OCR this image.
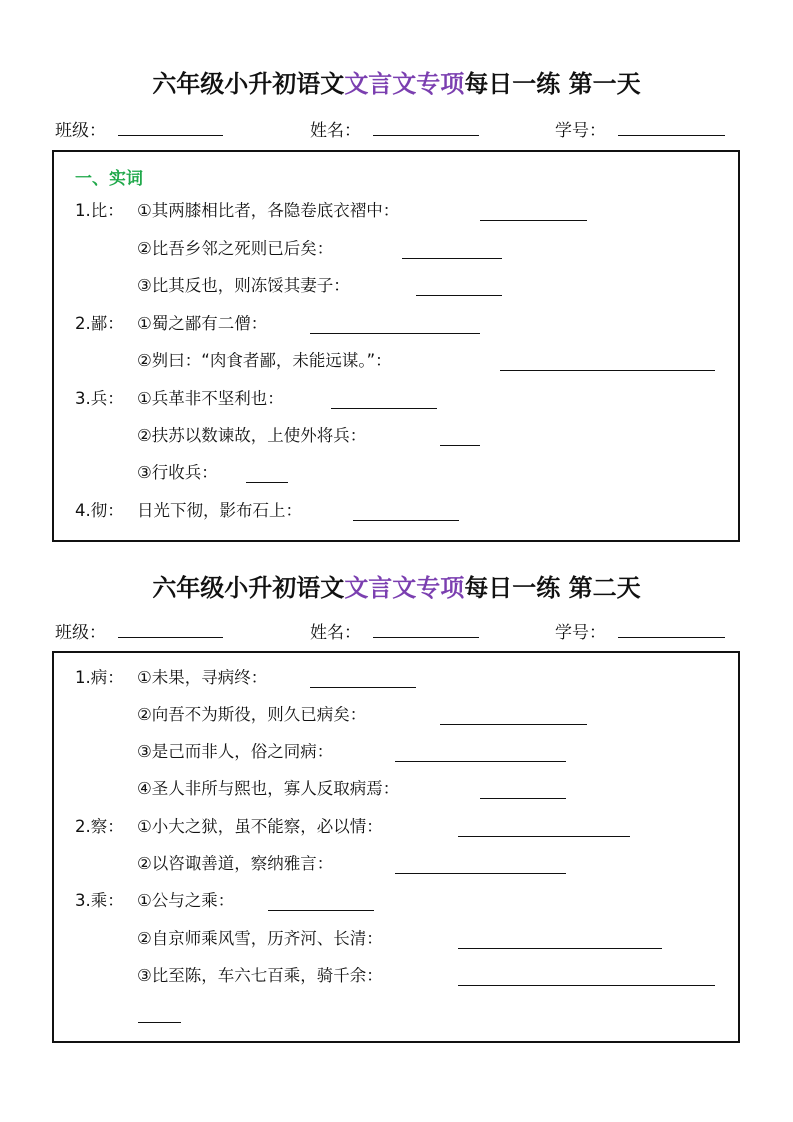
六年级小升初语文文言文专项每日一练 第一天
班级：	姓名：	学号：
一、实词
1.比： ①其两膝相比者，各隐卷底衣褶中：
②比吾乡邻之死则已后矣：
③比其反也，则冻馁其妻子：
2.鄙： ①蜀之鄙有二僧：
②刿曰：“肉食者鄙，未能远谋。”：
3.兵： ①兵革非不坚利也：
②扶苏以数谏故，上使外将兵：
③行收兵：
4.彻： 日光下彻，影布石上：
六年级小升初语文文言文专项每日一练 第二天
班级：	姓名：	学号：
1.病： ①未果，寻病终：
②向吾不为斯役，则久已病矣：
③是己而非人，俗之同病：
④圣人非所与熙也，寡人反取病焉：
2.察： ①小大之狱，虽不能察，必以情：
②以咨诹善道，察纳雅言：
3.乘： ①公与之乘：
②自京师乘风雪，历齐河、长清：
③比至陈，车六七百乘，骑千余：
